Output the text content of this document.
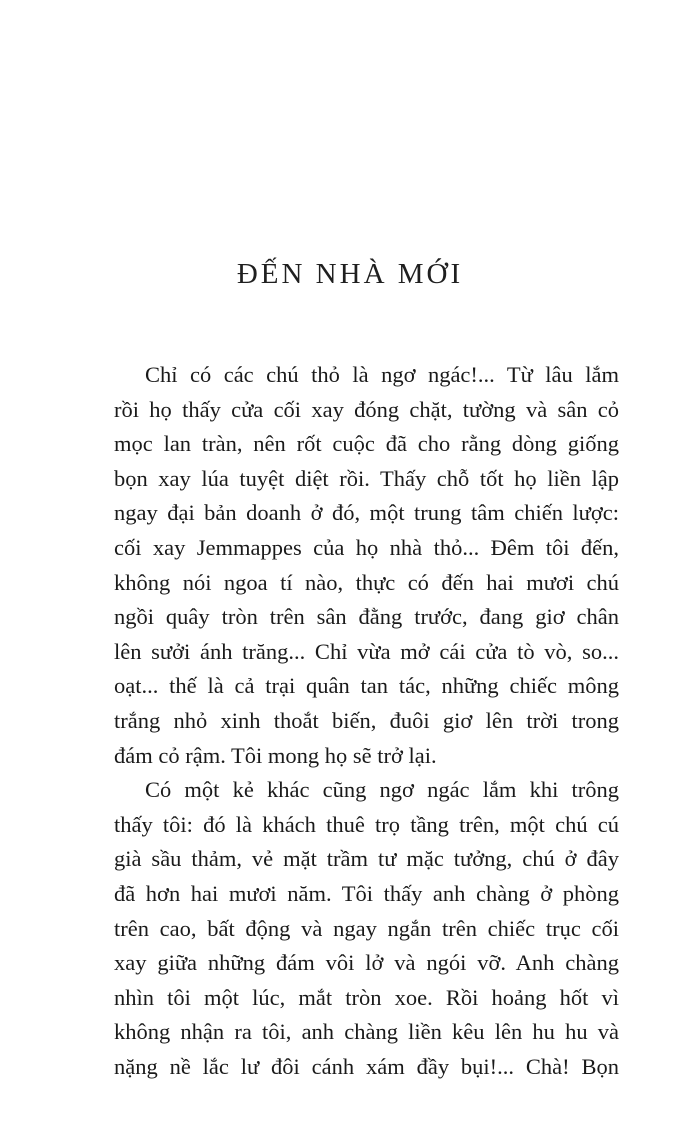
ĐẾN NHÀ MỚI
Chỉ có các chú thỏ là ngơ ngác!... Từ lâu lắm
rồi họ thấy cửa cối xay đóng chặt, tường và sân cỏ
mọc lan tràn, nên rốt cuộc đã cho rằng dòng giống
bọn xay lúa tuyệt diệt rồi. Thấy chỗ tốt họ liền lập
ngay đại bản doanh ở đó, một trung tâm chiến lược:
cối xay Jemmappes của họ nhà thỏ... Đêm tôi đến,
không nói ngoa tí nào, thực có đến hai mươi chú
ngồi quây tròn trên sân đằng trước, đang giơ chân
lên sưởi ánh trăng... Chỉ vừa mở cái cửa tò vò, so...
oạt... thế là cả trại quân tan tác, những chiếc mông
trắng nhỏ xinh thoắt biến, đuôi giơ lên trời trong
đám cỏ rậm. Tôi mong họ sẽ trở lại.
Có một kẻ khác cũng ngơ ngác lắm khi trông
thấy tôi: đó là khách thuê trọ tầng trên, một chú cú
già sầu thảm, vẻ mặt trầm tư mặc tưởng, chú ở đây
đã hơn hai mươi năm. Tôi thấy anh chàng ở phòng
trên cao, bất động và ngay ngắn trên chiếc trục cối
xay giữa những đám vôi lở và ngói vỡ. Anh chàng
nhìn tôi một lúc, mắt tròn xoe. Rồi hoảng hốt vì
không nhận ra tôi, anh chàng liền kêu lên hu hu và
nặng nề lắc lư đôi cánh xám đầy bụi!... Chà! Bọn
